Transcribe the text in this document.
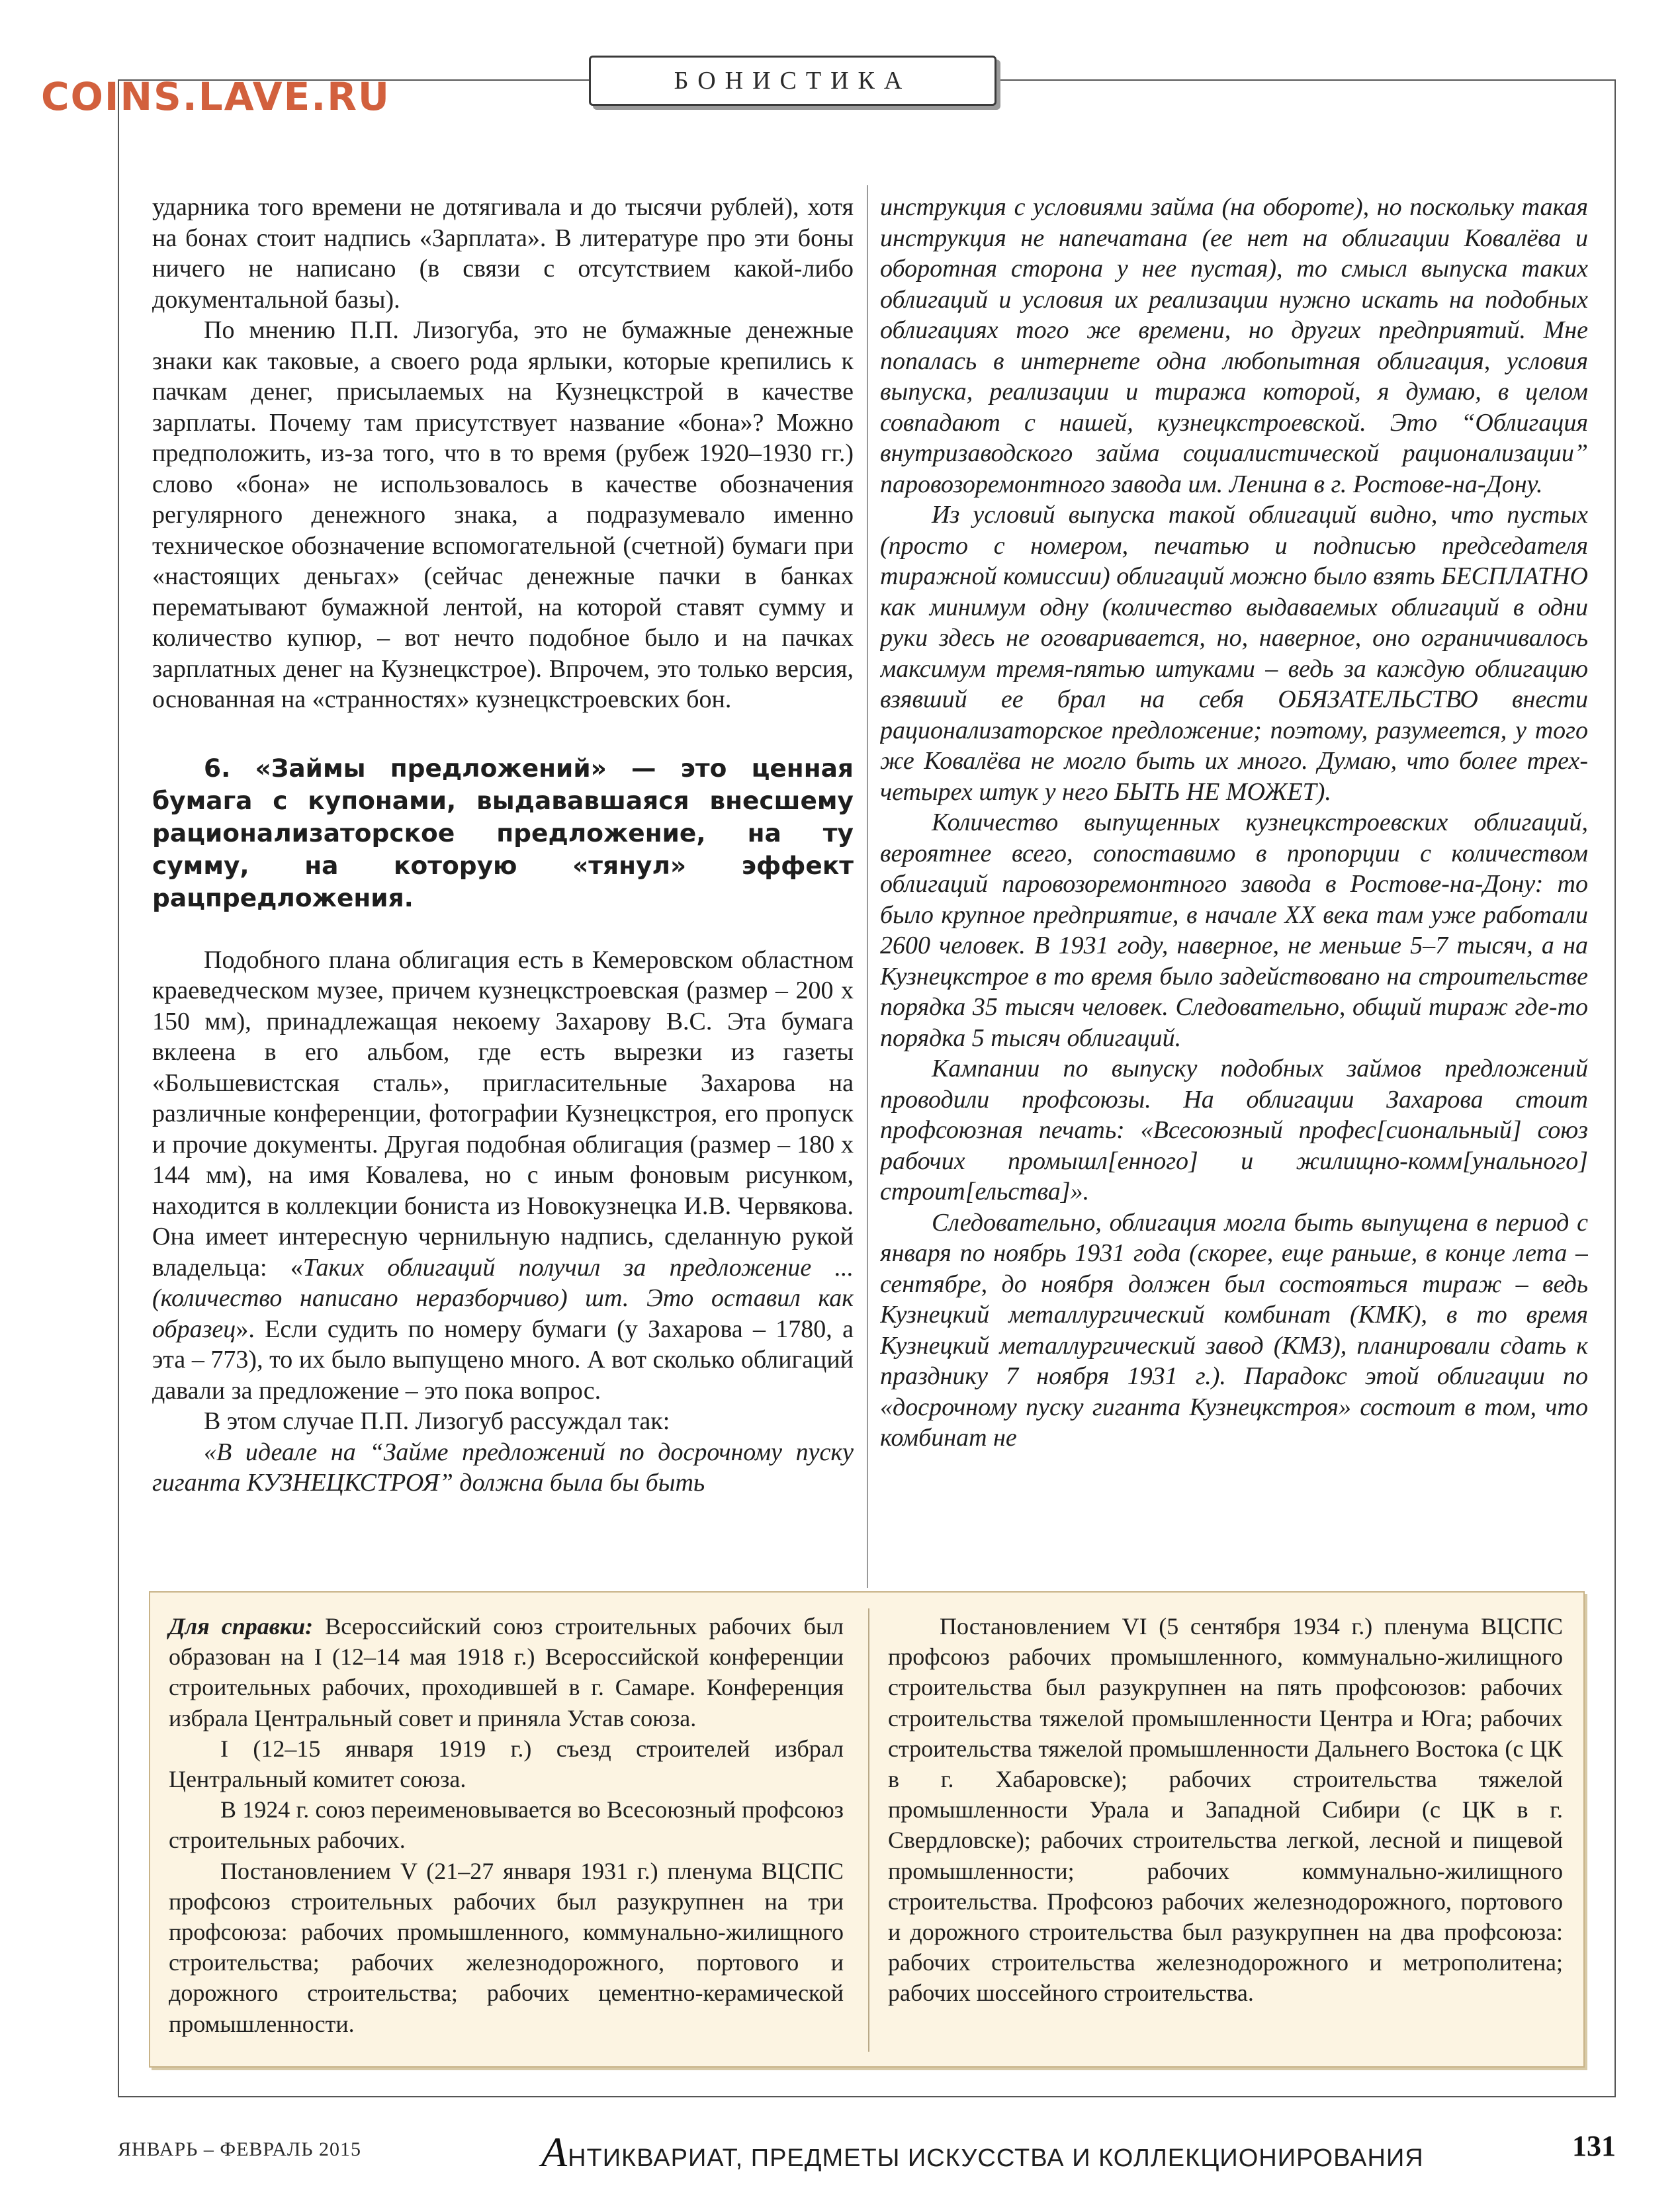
COINS.LAVE.RU	БОНИСТИКА

ударника того времени не дотягивала и до тысячи рублей), хотя на бонах стоит надпись «Зарплата». В литературе про эти боны ничего не написано (в связи с отсутствием какой-либо документальной базы).

По мнению П.П. Лизогуба, это не бумажные денежные знаки как таковые, а своего рода ярлыки, которые крепились к пачкам денег, присылаемых на Кузнецкстрой в качестве зарплаты. Почему там присутствует название «бона»? Можно предположить, из-за того, что в то время (рубеж 1920–1930 гг.) слово «бона» не использовалось в качестве обозначения регулярного денежного знака, а подразумевало именно техническое обозначение вспомогательной (счетной) бумаги при «настоящих деньгах» (сейчас денежные пачки в банках перематывают бумажной лентой, на которой ставят сумму и количество купюр, – вот нечто подобное было и на пачках зарплатных денег на Кузнецкстрое). Впрочем, это только версия, основанная на «странностях» кузнецкстроевских бон.

6. «Займы предложений» — это ценная бумага с купонами, выдававшаяся внесшему рационализаторское предложение, на ту сумму, на которую «тянул» эффект рацпредложения.

Подобного плана облигация есть в Кемеровском областном краеведческом музее, причем кузнецкстроевская (размер – 200 х 150 мм), принадлежащая некоему Захарову В.С. Эта бумага вклеена в его альбом, где есть вырезки из газеты «Большевистская сталь», пригласительные Захарова на различные конференции, фотографии Кузнецкстроя, его пропуск и прочие документы. Другая подобная облигация (размер – 180 х 144 мм), на имя Ковалева, но с иным фоновым рисунком, находится в коллекции бониста из Новокузнецка И.В. Червякова. Она имеет интересную чернильную надпись, сделанную рукой владельца: «Таких облигаций получил за предложение ... (количество написано неразборчиво) шт. Это оставил как образец». Если судить по номеру бумаги (у Захарова – 1780, а эта – 773), то их было выпущено много. А вот сколько облигаций давали за предложение – это пока вопрос.

В этом случае П.П. Лизогуб рассуждал так:

«В идеале на “Займе предложений по досрочному пуску гиганта КУЗНЕЦКСТРОЯ” должна была бы быть

инструкция с условиями займа (на обороте), но поскольку такая инструкция не напечатана (ее нет на облигации Ковалёва и оборотная сторона у нее пустая), то смысл выпуска таких облигаций и условия их реализации нужно искать на подобных облигациях того же времени, но других предприятий. Мне попалась в интернете одна любопытная облигация, условия выпуска, реализации и тиража которой, я думаю, в целом совпадают с нашей, кузнецкстроевской. Это “Облигация внутризаводского займа социалистической рационализации” паровозоремонтного завода им. Ленина в г. Ростове-на-Дону.

Из условий выпуска такой облигаций видно, что пустых (просто с номером, печатью и подписью председателя тиражной комиссии) облигаций можно было взять БЕСПЛАТНО как минимум одну (количество выдаваемых облигаций в одни руки здесь не оговаривается, но, наверное, оно ограничивалось максимум тремя-пятью штуками – ведь за каждую облигацию взявший ее брал на себя ОБЯЗАТЕЛЬСТВО внести рационализаторское предложение; поэтому, разумеется, у того же Ковалёва не могло быть их много. Думаю, что более трех-четырех штук у него БЫТЬ НЕ МОЖЕТ).

Количество выпущенных кузнецкстроевских облигаций, вероятнее всего, сопоставимо в пропорции с количеством облигаций паровозоремонтного завода в Ростове-на-Дону: то было крупное предприятие, в начале XX века там уже работали 2600 человек. В 1931 году, наверное, не меньше 5–7 тысяч, а на Кузнецкстрое в то время было задействовано на строительстве порядка 35 тысяч человек. Следовательно, общий тираж где-то порядка 5 тысяч облигаций.

Кампании по выпуску подобных займов предложений проводили профсоюзы. На облигации Захарова стоит профсоюзная печать: «Всесоюзный профес[сиональный] союз рабочих промышл[енного] и жилищно-комм[унального] строит[ельства]».

Следовательно, облигация могла быть выпущена в период с января по ноябрь 1931 года (скорее, еще раньше, в конце лета – сентябре, до ноября должен был состояться тираж – ведь Кузнецкий металлургический комбинат (КМК), в то время Кузнецкий металлургический завод (КМЗ), планировали сдать к празднику 7 ноября 1931 г.). Парадокс этой облигации по «досрочному пуску гиганта Кузнецкстроя» состоит в том, что комбинат не

Для справки: Всероссийский союз строительных рабочих был образован на I (12–14 мая 1918 г.) Всероссийской конференции строительных рабочих, проходившей в г. Самаре. Конференция избрала Центральный совет и приняла Устав союза.

I (12–15 января 1919 г.) съезд строителей избрал Центральный комитет союза.

В 1924 г. союз переименовывается во Всесоюзный профсоюз строительных рабочих.

Постановлением V (21–27 января 1931 г.) пленума ВЦСПС профсоюз строительных рабочих был разукрупнен на три профсоюза: рабочих промышленного, коммунально-жилищного строительства; рабочих железнодорожного, портового и дорожного строительства; рабочих цементно-керамической промышленности.

Постановлением VI (5 сентября 1934 г.) пленума ВЦСПС профсоюз рабочих промышленного, коммунально-жилищного строительства был разукрупнен на пять профсоюзов: рабочих строительства тяжелой промышленности Центра и Юга; рабочих строительства тяжелой промышленности Дальнего Востока (с ЦК в г. Хабаровске); рабочих строительства тяжелой промышленности Урала и Западной Сибири (с ЦК в г. Свердловске); рабочих строительства легкой, лесной и пищевой промышленности; рабочих коммунально-жилищного строительства. Профсоюз рабочих железнодорожного, портового и дорожного строительства был разукрупнен на два профсоюза: рабочих строительства железнодорожного и метрополитена; рабочих шоссейного строительства.

ЯНВАРЬ – ФЕВРАЛЬ 2015	АНТИКВАРИАТ, ПРЕДМЕТЫ ИСКУССТВА И КОЛЛЕКЦИОНИРОВАНИЯ	131
